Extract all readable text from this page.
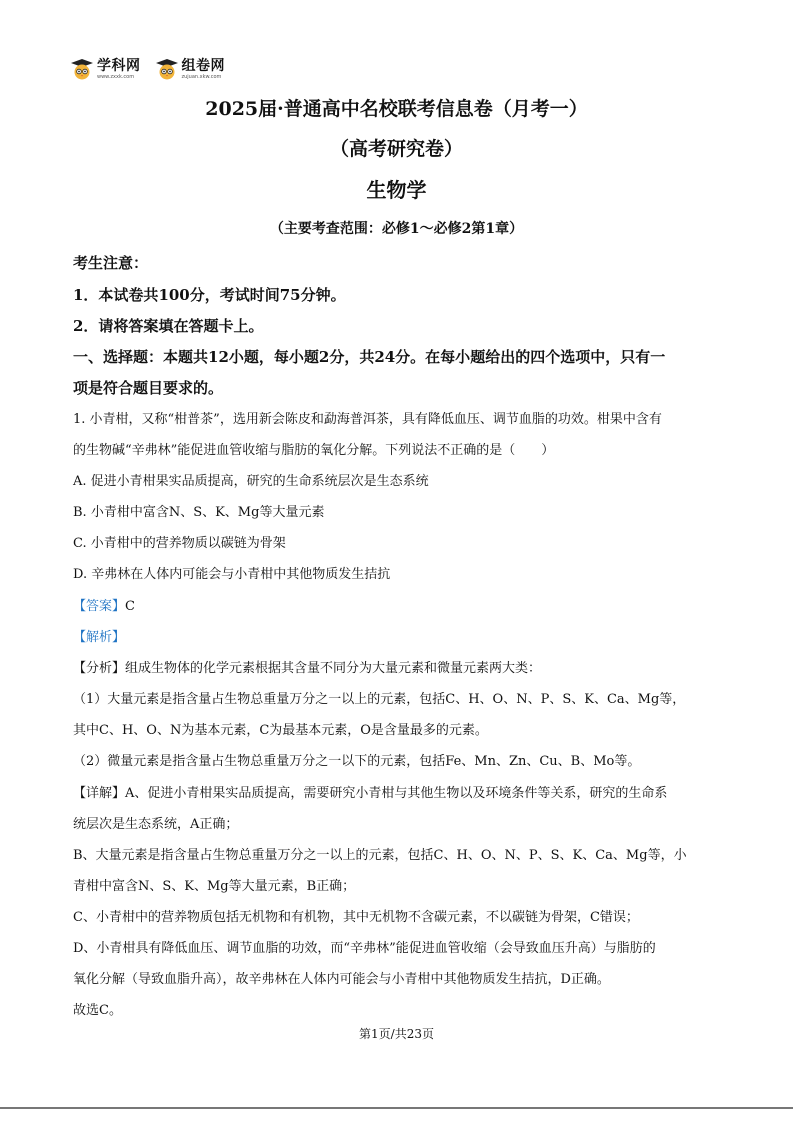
学科网
www.zxxk.com
组卷网
zujuan.xkw.com
2025届·普通高中名校联考信息卷（月考一）
（高考研究卷）
生物学
（主要考查范围：必修1～必修2第1章）
考生注意：
1．本试卷共100分，考试时间75分钟。
2．请将答案填在答题卡上。
一、选择题：本题共12小题，每小题2分，共24分。在每小题给出的四个选项中，只有一
项是符合题目要求的。
1. 小青柑，又称“柑普茶”，选用新会陈皮和勐海普洱茶，具有降低血压、调节血脂的功效。柑果中含有
的生物碱“辛弗林”能促进血管收缩与脂肪的氧化分解。下列说法不正确的是（　　）
A. 促进小青柑果实品质提高，研究的生命系统层次是生态系统
B. 小青柑中富含N、S、K、Mg等大量元素
C. 小青柑中的营养物质以碳链为骨架
D. 辛弗林在人体内可能会与小青柑中其他物质发生拮抗
【答案】C
【解析】
【分析】组成生物体的化学元素根据其含量不同分为大量元素和微量元素两大类：
（1）大量元素是指含量占生物总重量万分之一以上的元素，包括C、H、O、N、P、S、K、Ca、Mg等，
其中C、H、O、N为基本元素，C为最基本元素，O是含量最多的元素。
（2）微量元素是指含量占生物总重量万分之一以下的元素，包括Fe、Mn、Zn、Cu、B、Mo等。
【详解】A、促进小青柑果实品质提高，需要研究小青柑与其他生物以及环境条件等关系，研究的生命系
统层次是生态系统，A正确；
B、大量元素是指含量占生物总重量万分之一以上的元素，包括C、H、O、N、P、S、K、Ca、Mg等，小
青柑中富含N、S、K、Mg等大量元素，B正确；
C、小青柑中的营养物质包括无机物和有机物，其中无机物不含碳元素，不以碳链为骨架，C错误；
D、小青柑具有降低血压、调节血脂的功效，而“辛弗林”能促进血管收缩（会导致血压升高）与脂肪的
氧化分解（导致血脂升高），故辛弗林在人体内可能会与小青柑中其他物质发生拮抗，D正确。
故选C。
第1页/共23页
